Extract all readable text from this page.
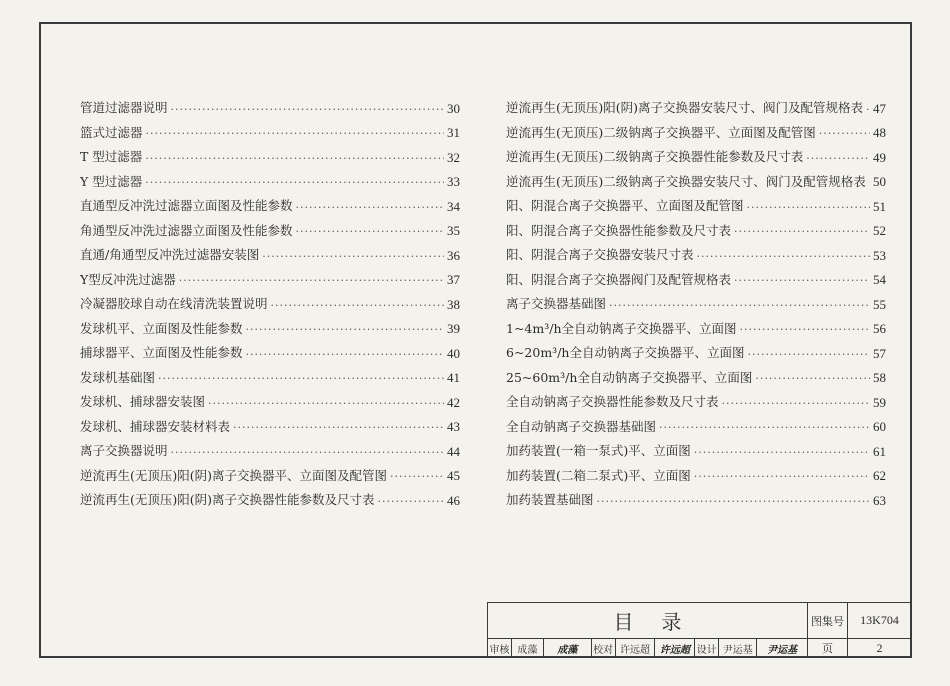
管道过滤器说明 ·····	30
篮式过滤器 ·····	31
T 型过滤器 ·····	32
Y 型过滤器 ·····	33
直通型反冲洗过滤器立面图及性能参数 ·····	34
角通型反冲洗过滤器立面图及性能参数 ·····	35
直通/角通型反冲洗过滤器安装图 ·····	36
Y型反冲洗过滤器 ·····	37
冷凝器胶球自动在线清洗装置说明 ·····	38
发球机平、立面图及性能参数 ·····	39
捕球器平、立面图及性能参数 ·····	40
发球机基础图 ·····	41
发球机、捕球器安装图 ·····	42
发球机、捕球器安装材料表 ·····	43
离子交换器说明 ·····	44
逆流再生(无顶压)阳(阴)离子交换器平、立面图及配管图 ·····	45
逆流再生(无顶压)阳(阴)离子交换器性能参数及尺寸表 ·····	46
逆流再生(无顶压)阳(阴)离子交换器安装尺寸、阀门及配管规格表 ····· 47
逆流再生(无顶压)二级钠离子交换器平、立面图及配管图 ·····	48
逆流再生(无顶压)二级钠离子交换器性能参数及尺寸表 ·····	49
逆流再生(无顶压)二级钠离子交换器安装尺寸、阀门及配管规格表 ····· 50
阳、阴混合离子交换器平、立面图及配管图 ·····	51
阳、阴混合离子交换器性能参数及尺寸表 ·····	52
阳、阴混合离子交换器安装尺寸表 ·····	53
阳、阴混合离子交换器阀门及配管规格表 ·····	54
离子交换器基础图 ·····	55
1~4m³/h全自动钠离子交换器平、立面图 ·····	56
6~20m³/h全自动钠离子交换器平、立面图 ·····	57
25~60m³/h全自动钠离子交换器平、立面图 ·····	58
全自动钠离子交换器性能参数及尺寸表 ·····	59
全自动钠离子交换器基础图 ·····	60
加药装置(一箱一泵式)平、立面图 ·····	61
加药装置(二箱二泵式)平、立面图 ·····	62
加药装置基础图 ·····	63
目录	图集号	13K704
审核 成藻	成藻	校对 许远超 许远超 设计 尹运基	尹运基	页	2
